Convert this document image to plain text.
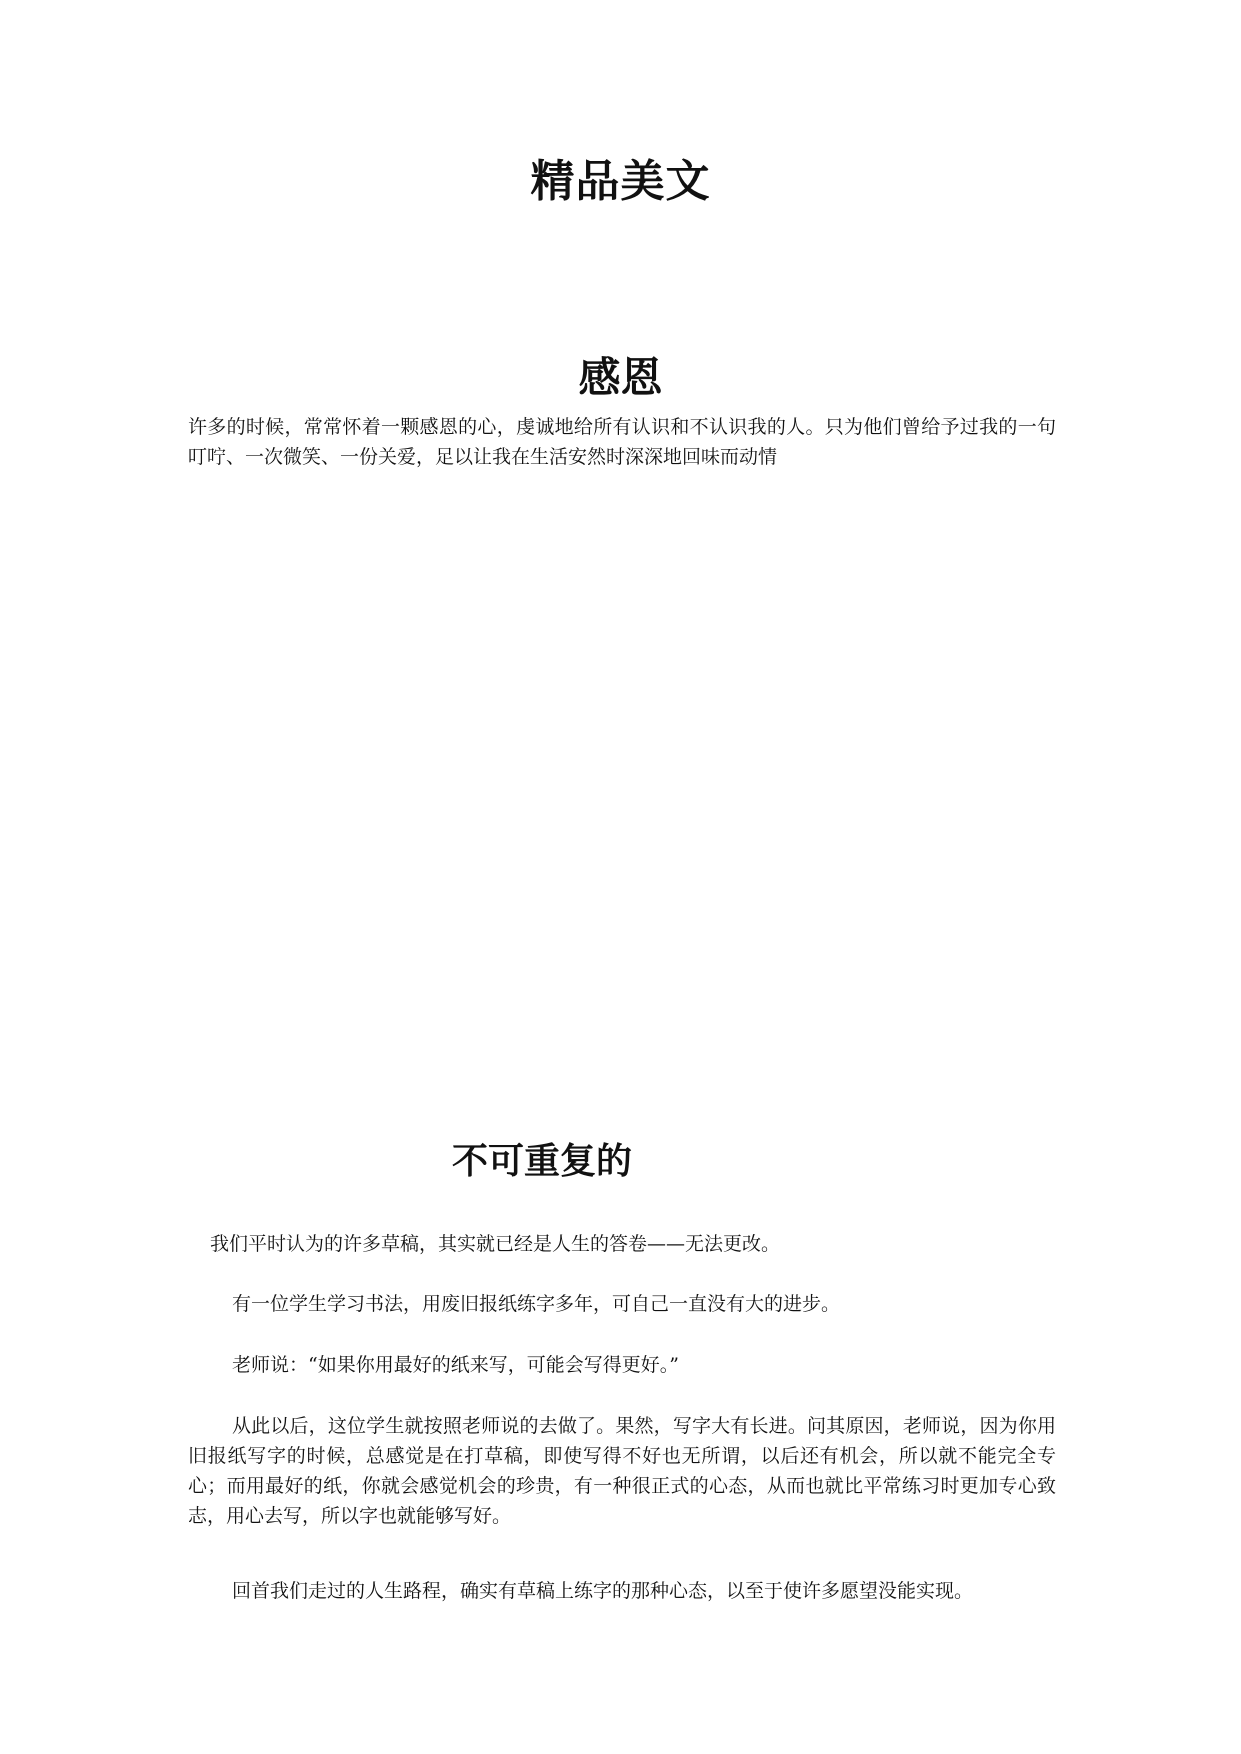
精品美文
感恩

许多的时候，常常怀着一颗感恩的心，虔诚地给所有认识和不认识我的人。只为他们曾给予过我的一句叮咛、一次微笑、一份关爱，足以让我在生活安然时深深地回味而动情

不可重复的

我们平时认为的许多草稿，其实就已经是人生的答卷——无法更改。

有一位学生学习书法，用废旧报纸练字多年，可自己一直没有大的进步。

老师说：“如果你用最好的纸来写，可能会写得更好。”

从此以后，这位学生就按照老师说的去做了。果然，写字大有长进。问其原因，老师说，因为你用旧报纸写字的时候，总感觉是在打草稿，即使写得不好也无所谓，以后还有机会，所以就不能完全专心；而用最好的纸，你就会感觉机会的珍贵，有一种很正式的心态，从而也就比平常练习时更加专心致志，用心去写，所以字也就能够写好。

回首我们走过的人生路程，确实有草稿上练字的那种心态，以至于使许多愿望没能实现。
